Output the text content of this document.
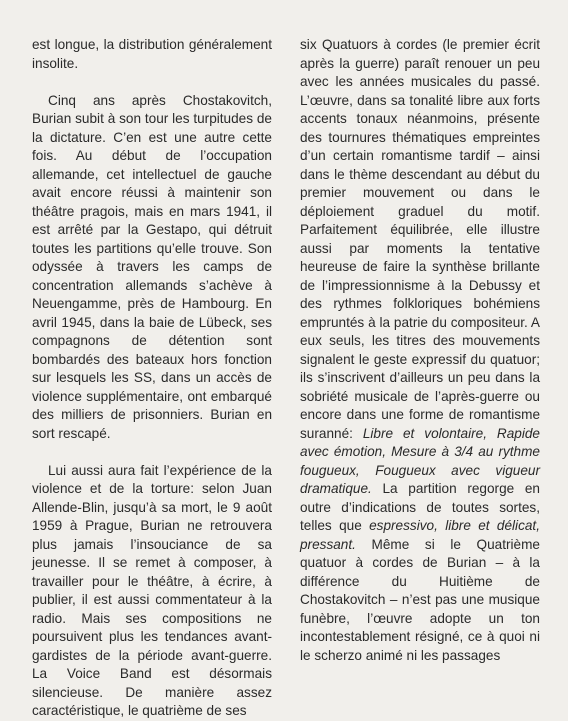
est longue, la distribution généralement insolite.

Cinq ans après Chostakovitch, Burian subit à son tour les turpitudes de la dictature. C’en est une autre cette fois. Au début de l’occupation allemande, cet intellectuel de gauche avait encore réussi à maintenir son théâtre pragois, mais en mars 1941, il est arrêté par la Gestapo, qui détruit toutes les partitions qu’elle trouve. Son odyssée à travers les camps de concentration allemands s’achève à Neuengamme, près de Hambourg. En avril 1945, dans la baie de Lübeck, ses compagnons de détention sont bombardés des bateaux hors fonction sur lesquels les SS, dans un accès de violence supplémentaire, ont embarqué des milliers de prisonniers. Burian en sort rescapé.

Lui aussi aura fait l’expérience de la violence et de la torture: selon Juan Allende-Blin, jusqu’à sa mort, le 9 août 1959 à Prague, Burian ne retrouvera plus jamais l’insouciance de sa jeunesse. Il se remet à composer, à travailler pour le théâtre, à écrire, à publier, il est aussi commentateur à la radio. Mais ses compositions ne poursuivent plus les tendances avant-gardistes de la période avant-guerre. La Voice Band est désormais silencieuse. De manière assez caractéristique, le quatrième de ses

six Quatuors à cordes (le premier écrit après la guerre) paraît renouer un peu avec les années musicales du passé. L’œuvre, dans sa tonalité libre aux forts accents tonaux néanmoins, présente des tournures thématiques empreintes d’un certain romantisme tardif – ainsi dans le thème descendant au début du premier mouvement ou dans le déploiement graduel du motif. Parfaitement équilibrée, elle illustre aussi par moments la tentative heureuse de faire la synthèse brillante de l’impressionnisme à la Debussy et des rythmes folkloriques bohémiens empruntés à la patrie du compositeur. A eux seuls, les titres des mouvements signalent le geste expressif du quatuor; ils s’inscrivent d’ailleurs un peu dans la sobriété musicale de l’après-guerre ou encore dans une forme de romantisme suranné: Libre et volontaire, Rapide avec émotion, Mesure à 3/4 au rythme fougueux, Fougueux avec vigueur dramatique. La partition regorge en outre d’indications de toutes sortes, telles que espressivo, libre et délicat, pressant. Même si le Quatrième quatuor à cordes de Burian – à la différence du Huitième de Chostakovitch – n’est pas une musique funèbre, l’œuvre adopte un ton incontestablement résigné, ce à quoi ni le scherzo animé ni les passages
